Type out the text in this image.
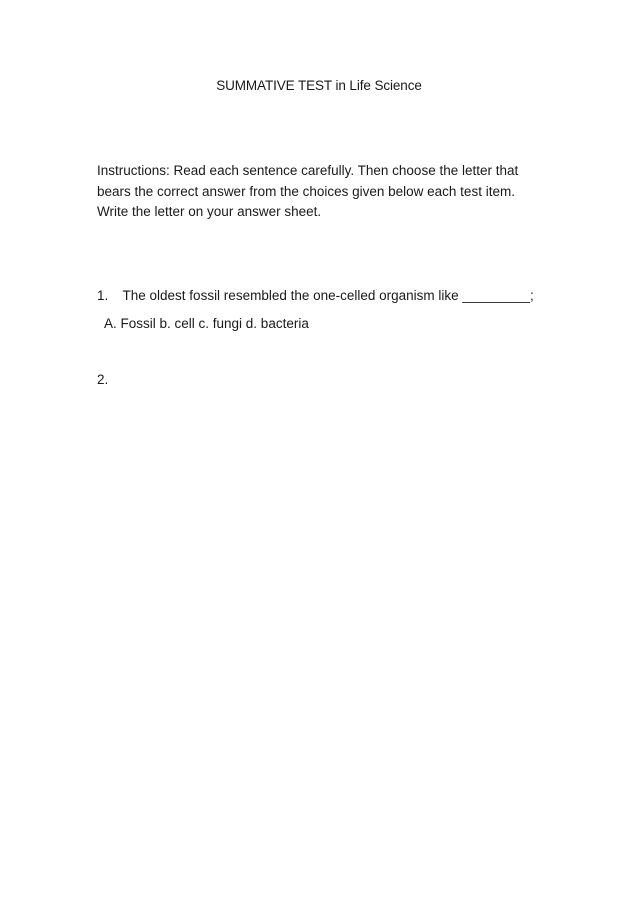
SUMMATIVE TEST in Life Science

Instructions: Read each sentence carefully. Then choose the letter that

bears the correct answer from the choices given below each test item.

Write the letter on your answer sheet.

1. The oldest fossil resembled the one-celled organism like _________;
A. Fossil b. cell c. fungi d. bacteria
2.
